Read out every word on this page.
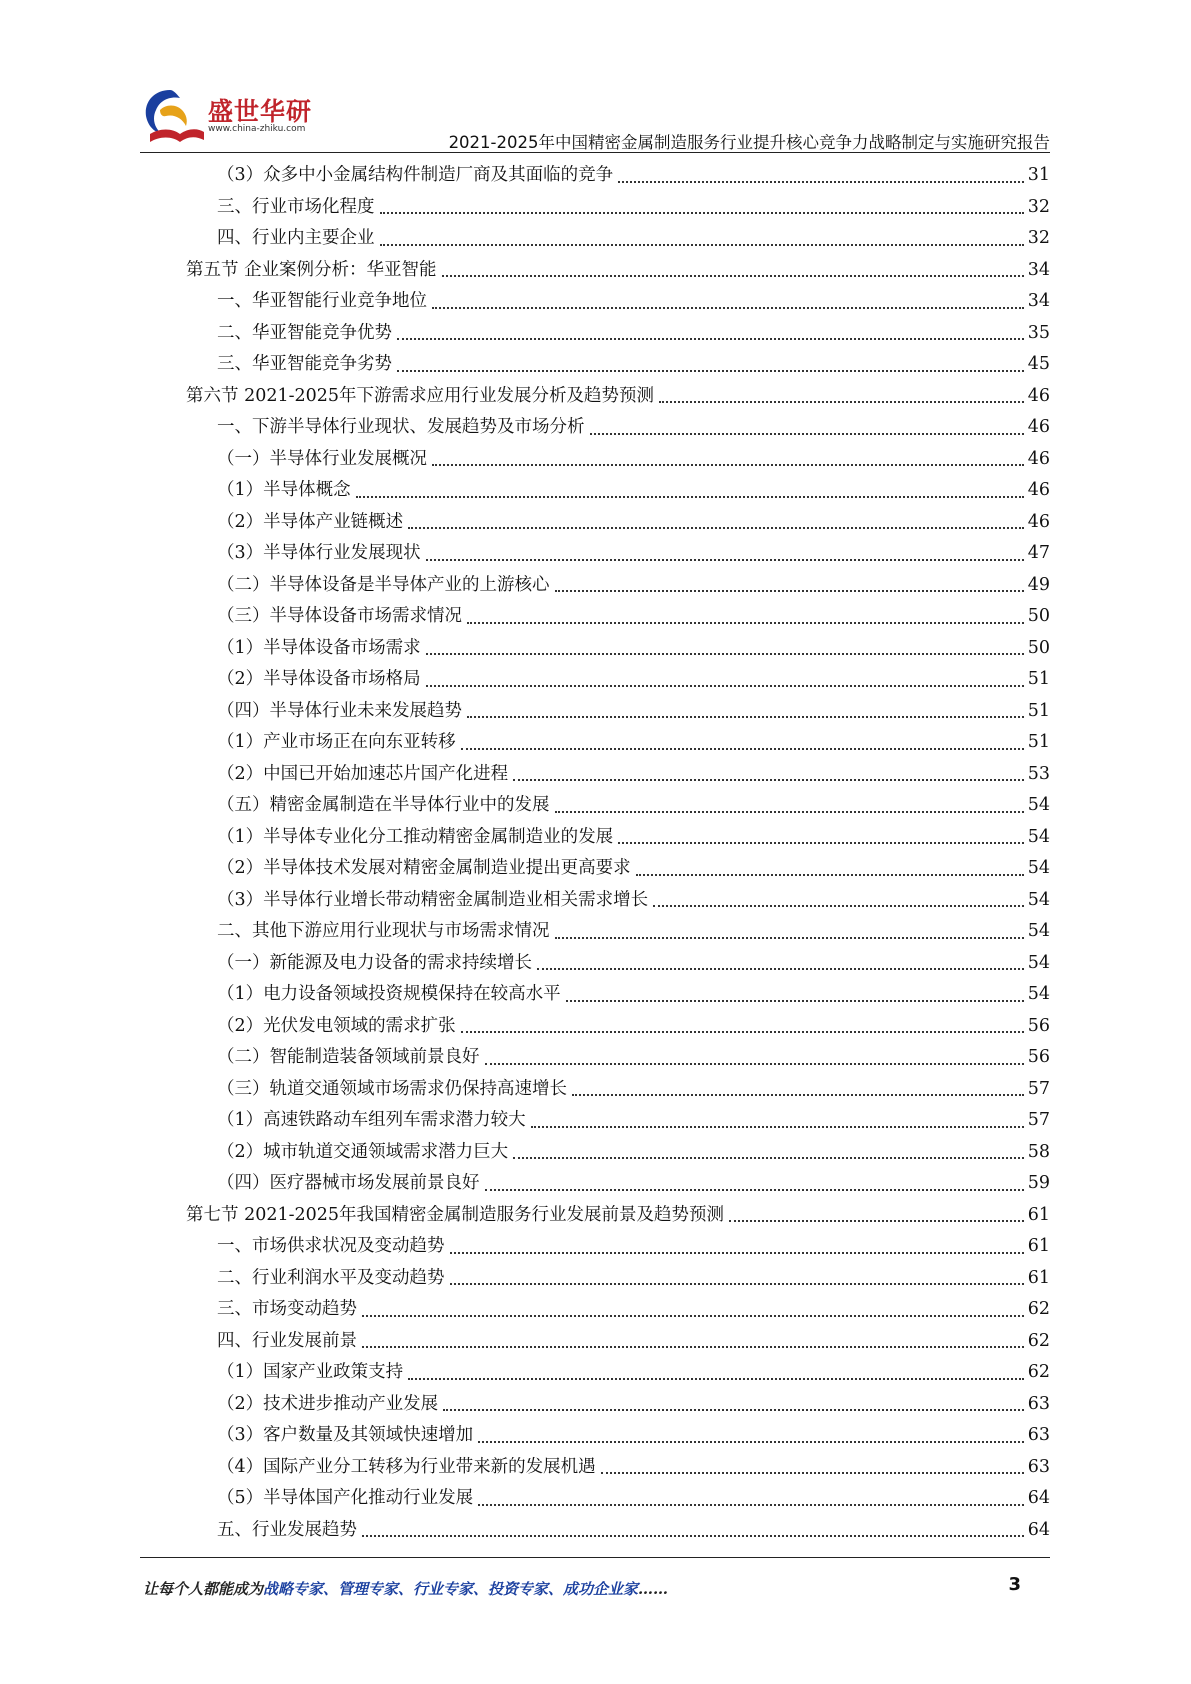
盛世华研
www.china-zhiku.com
2021-2025年中国精密金属制造服务行业提升核心竞争力战略制定与实施研究报告
（3）众多中小金属结构件制造厂商及其面临的竞争	31
三、行业市场化程度	32
四、行业内主要企业	32
第五节 企业案例分析：华亚智能	34
一、华亚智能行业竞争地位	34
二、华亚智能竞争优势	35
三、华亚智能竞争劣势	45
第六节 2021-2025年下游需求应用行业发展分析及趋势预测	46
一、下游半导体行业现状、发展趋势及市场分析	46
（一）半导体行业发展概况	46
（1）半导体概念	46
（2）半导体产业链概述	46
（3）半导体行业发展现状	47
（二）半导体设备是半导体产业的上游核心	49
（三）半导体设备市场需求情况	50
（1）半导体设备市场需求	50
（2）半导体设备市场格局	51
（四）半导体行业未来发展趋势	51
（1）产业市场正在向东亚转移	51
（2）中国已开始加速芯片国产化进程	53
（五）精密金属制造在半导体行业中的发展	54
（1）半导体专业化分工推动精密金属制造业的发展	54
（2）半导体技术发展对精密金属制造业提出更高要求	54
（3）半导体行业增长带动精密金属制造业相关需求增长	54
二、其他下游应用行业现状与市场需求情况	54
（一）新能源及电力设备的需求持续增长	54
（1）电力设备领域投资规模保持在较高水平	54
（2）光伏发电领域的需求扩张	56
（二）智能制造装备领域前景良好	56
（三）轨道交通领域市场需求仍保持高速增长	57
（1）高速铁路动车组列车需求潜力较大	57
（2）城市轨道交通领域需求潜力巨大	58
（四）医疗器械市场发展前景良好	59
第七节 2021-2025年我国精密金属制造服务行业发展前景及趋势预测	61
一、市场供求状况及变动趋势	61
二、行业利润水平及变动趋势	61
三、市场变动趋势	62
四、行业发展前景	62
（1）国家产业政策支持	62
（2）技术进步推动产业发展	63
（3）客户数量及其领域快速增加	63
（4）国际产业分工转移为行业带来新的发展机遇	63
（5）半导体国产化推动行业发展	64
五、行业发展趋势	64
让每个人都能成为战略专家、管理专家、行业专家、投资专家、成功企业家……	3
